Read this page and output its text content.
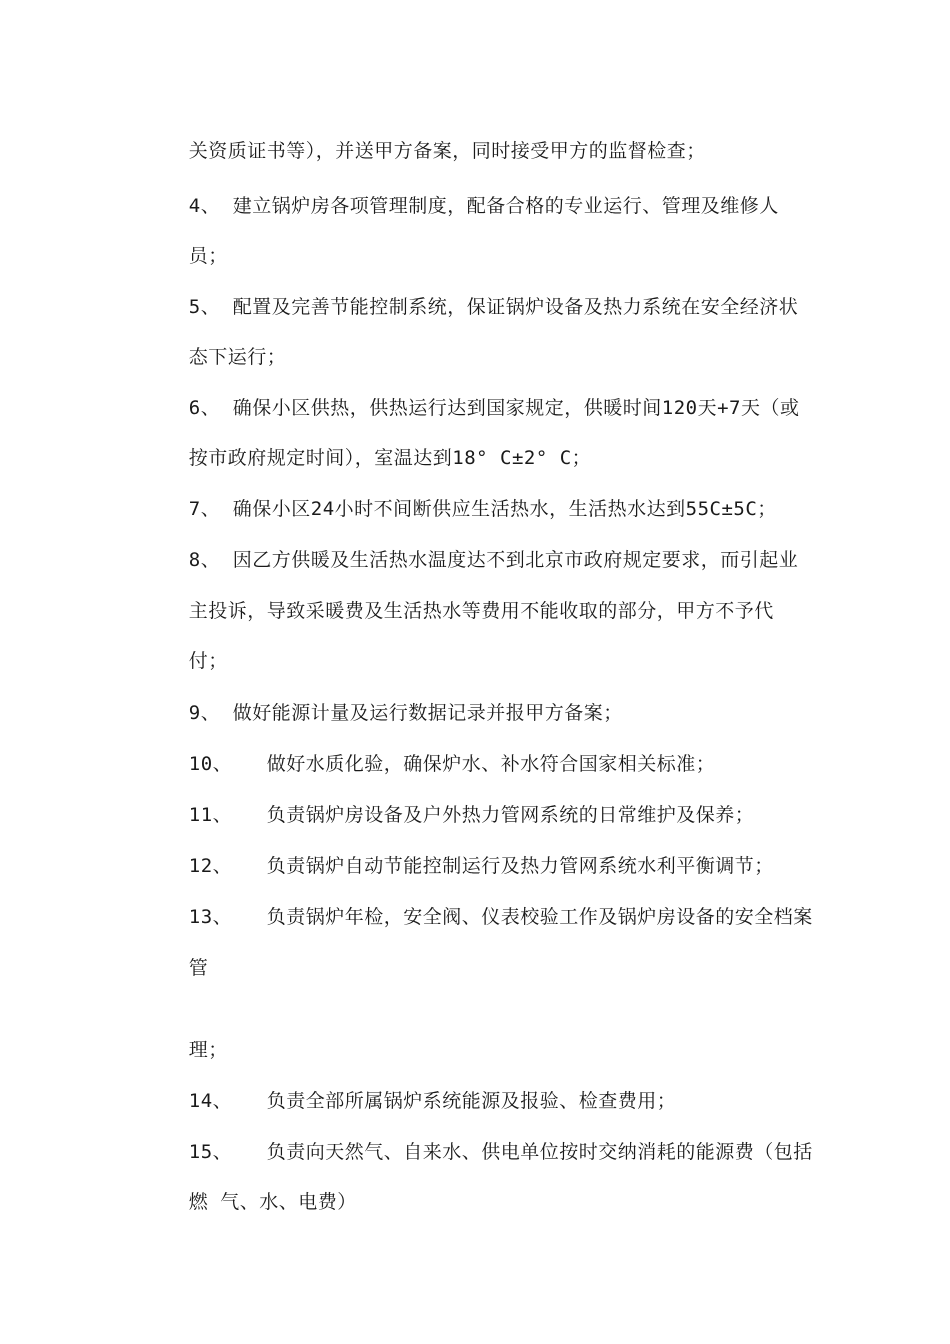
关资质证书等），并送甲方备案，同时接受甲方的监督检查；

4、 建立锅炉房各项管理制度，配备合格的专业运行、管理及维修人

员；

5、 配置及完善节能控制系统，保证锅炉设备及热力系统在安全经济状

态下运行；

6、 确保小区供热，供热运行达到国家规定，供暖时间120天+7天（或

按市政府规定时间），室温达到18° C±2° C；

7、 确保小区24小时不间断供应生活热水，生活热水达到55C±5C；

8、 因乙方供暖及生活热水温度达不到北京市政府规定要求，而引起业

主投诉，导致采暖费及生活热水等费用不能收取的部分，甲方不予代

付；

9、 做好能源计量及运行数据记录并报甲方备案；

10、 做好水质化验，确保炉水、补水符合国家相关标准；

11、 负责锅炉房设备及户外热力管网系统的日常维护及保养；

12、 负责锅炉自动节能控制运行及热力管网系统水利平衡调节；

13、 负责锅炉年检，安全阀、仪表校验工作及锅炉房设备的安全档案

管

理；

14、 负责全部所属锅炉系统能源及报验、检查费用；

15、 负责向天然气、自来水、供电单位按时交纳消耗的能源费（包括

燃 气、水、电费）
